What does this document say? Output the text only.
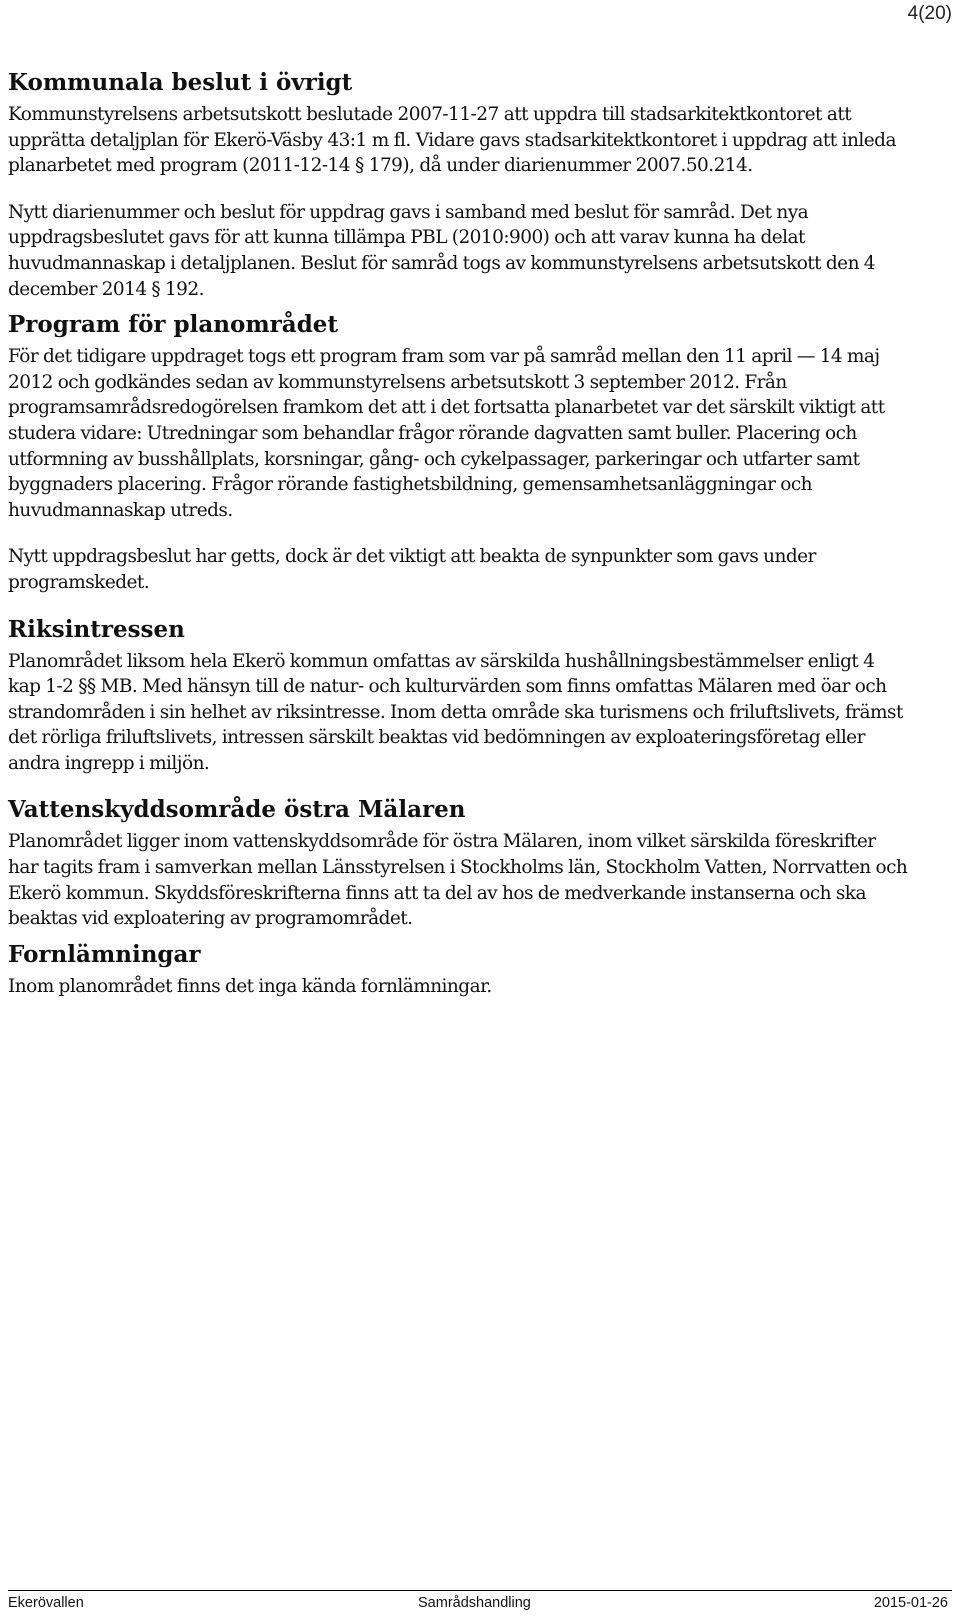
4(20)
Kommunala beslut i övrigt

Kommunstyrelsens arbetsutskott beslutade 2007-11-27 att uppdra till stadsarkitektkontoret att upprätta detaljplan för Ekerö-Väsby 43:1 m fl. Vidare gavs stadsarkitektkontoret i uppdrag att inleda planarbetet med program (2011-12-14 § 179), då under diarienummer 2007.50.214.

Nytt diarienummer och beslut för uppdrag gavs i samband med beslut för samråd. Det nya uppdragsbeslutet gavs för att kunna tillämpa PBL (2010:900) och att varav kunna ha delat huvudmannaskap i detaljplanen. Beslut för samråd togs av kommunstyrelsens arbetsutskott den 4 december 2014 § 192.

Program för planområdet

För det tidigare uppdraget togs ett program fram som var på samråd mellan den 11 april — 14 maj 2012 och godkändes sedan av kommunstyrelsens arbetsutskott 3 september 2012. Från programsamrådsredogörelsen framkom det att i det fortsatta planarbetet var det särskilt viktigt att studera vidare: Utredningar som behandlar frågor rörande dagvatten samt buller. Placering och utformning av busshållplats, korsningar, gång- och cykelpassager, parkeringar och utfarter samt byggnaders placering. Frågor rörande fastighetsbildning, gemensamhetsanläggningar och huvudmannaskap utreds.

Nytt uppdragsbeslut har getts, dock är det viktigt att beakta de synpunkter som gavs under programskedet.

Riksintressen

Planområdet liksom hela Ekerö kommun omfattas av särskilda hushållningsbestämmelser enligt 4 kap 1-2 §§ MB. Med hänsyn till de natur- och kulturvärden som finns omfattas Mälaren med öar och strandområden i sin helhet av riksintresse. Inom detta område ska turismens och friluftslivets, främst det rörliga friluftslivets, intressen särskilt beaktas vid bedömningen av exploateringsföretag eller andra ingrepp i miljön.

Vattenskyddsområde östra Mälaren

Planområdet ligger inom vattenskyddsområde för östra Mälaren, inom vilket särskilda föreskrifter har tagits fram i samverkan mellan Länsstyrelsen i Stockholms län, Stockholm Vatten, Norrvatten och Ekerö kommun. Skyddsföreskrifterna finns att ta del av hos de medverkande instanserna och ska beaktas vid exploatering av programområdet.

Fornlämningar

Inom planområdet finns det inga kända fornlämningar.

Ekerövallen	Samrådshandling	2015-01-26
